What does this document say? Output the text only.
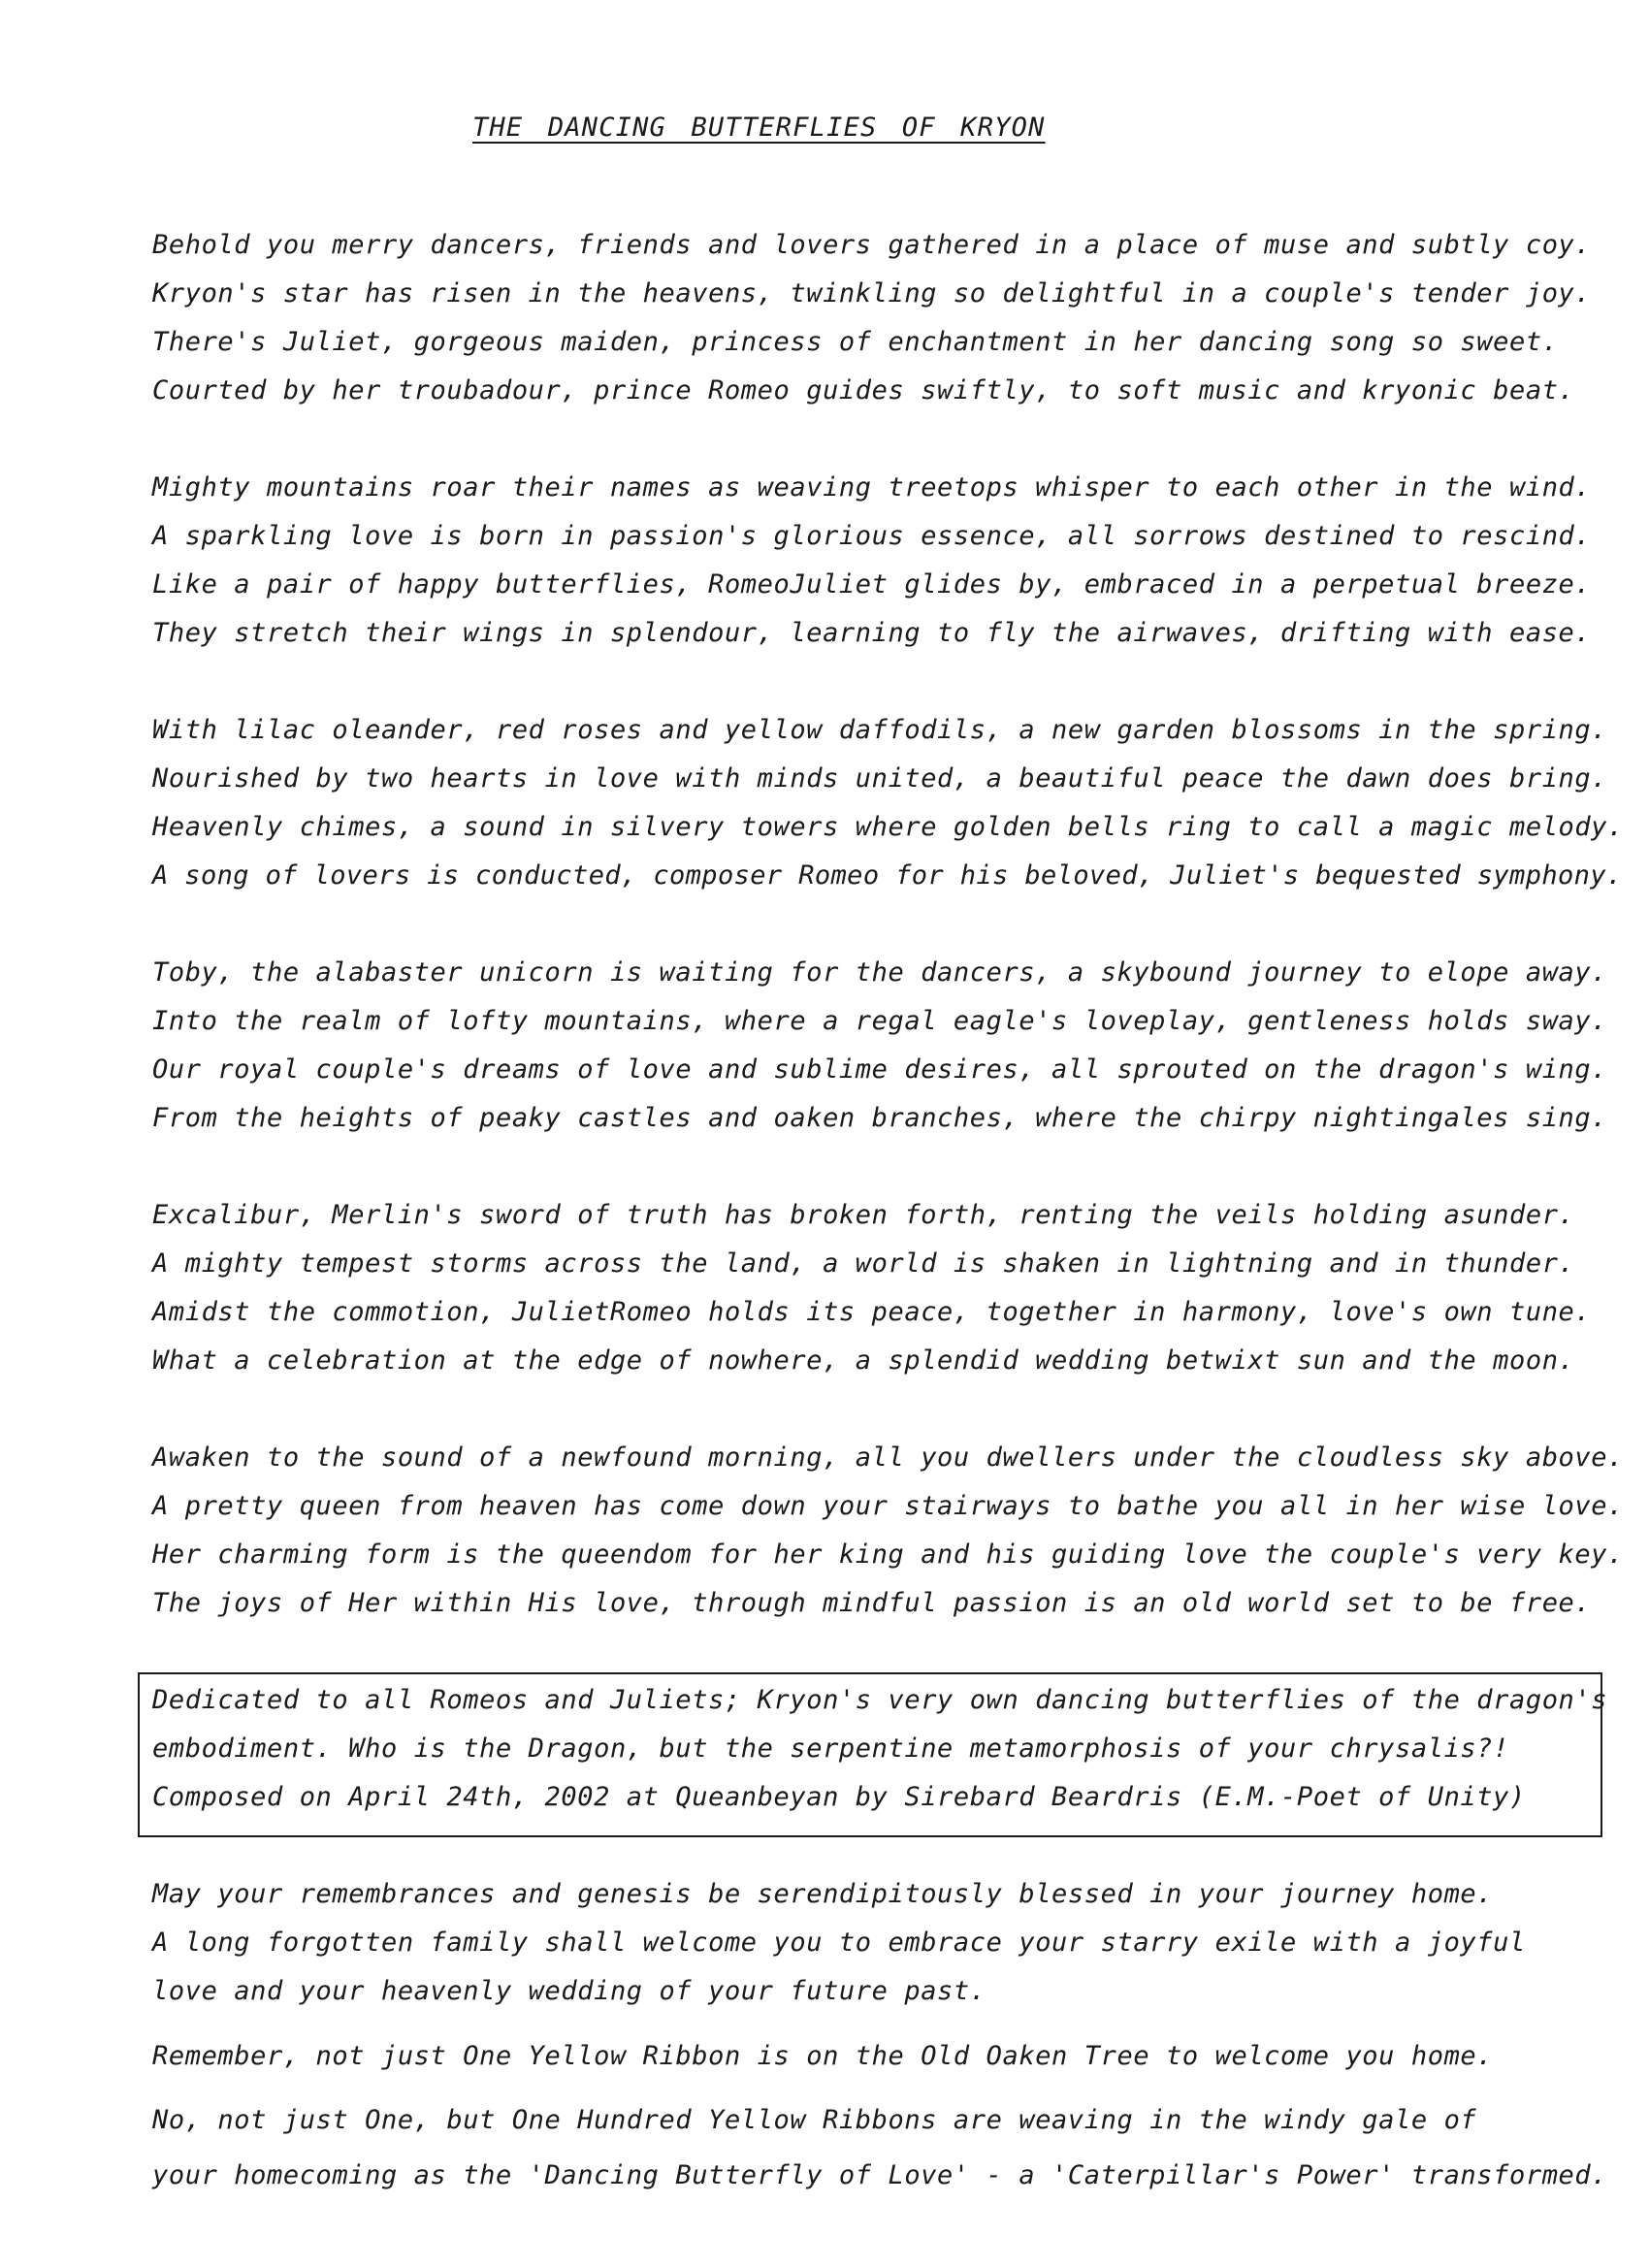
THE DANCING BUTTERFLIES OF KRYON
Behold you merry dancers, friends and lovers gathered in a place of muse and subtly coy.
Kryon's star has risen in the heavens, twinkling so delightful in a couple's tender joy.
There's Juliet, gorgeous maiden, princess of enchantment in her dancing song so sweet.
Courted by her troubadour, prince Romeo guides swiftly, to soft music and kryonic beat.
Mighty mountains roar their names as weaving treetops whisper to each other in the wind.
A sparkling love is born in passion's glorious essence, all sorrows destined to rescind.
Like a pair of happy butterflies, RomeoJuliet glides by, embraced in a perpetual breeze.
They stretch their wings in splendour, learning to fly the airwaves, drifting with ease.
With lilac oleander, red roses and yellow daffodils, a new garden blossoms in the spring.
Nourished by two hearts in love with minds united, a beautiful peace the dawn does bring.
Heavenly chimes, a sound in silvery towers where golden bells ring to call a magic melody.
A song of lovers is conducted, composer Romeo for his beloved, Juliet's bequested symphony.
Toby, the alabaster unicorn is waiting for the dancers, a skybound journey to elope away.
Into the realm of lofty mountains, where a regal eagle's loveplay, gentleness holds sway.
Our royal couple's dreams of love and sublime desires, all sprouted on the dragon's wing.
From the heights of peaky castles and oaken branches, where the chirpy nightingales sing.
Excalibur, Merlin's sword of truth has broken forth, renting the veils holding asunder.
A mighty tempest storms across the land, a world is shaken in lightning and in thunder.
Amidst the commotion, JulietRomeo holds its peace, together in harmony, love's own tune.
What a celebration at the edge of nowhere, a splendid wedding betwixt sun and the moon.
Awaken to the sound of a newfound morning, all you dwellers under the cloudless sky above.
A pretty queen from heaven has come down your stairways to bathe you all in her wise love.
Her charming form is the queendom for her king and his guiding love the couple's very key.
The joys of Her within His love, through mindful passion is an old world set to be free.
Dedicated to all Romeos and Juliets; Kryon's very own dancing butterflies of the dragon's
embodiment. Who is the Dragon, but the serpentine metamorphosis of your chrysalis?!
Composed on April 24th, 2002 at Queanbeyan by Sirebard Beardris (E.M.-Poet of Unity)
May your remembrances and genesis be serendipitously blessed in your journey home.
A long forgotten family shall welcome you to embrace your starry exile with a joyful
love and your heavenly wedding of your future past.
Remember, not just One Yellow Ribbon is on the Old Oaken Tree to welcome you home.
No, not just One, but One Hundred Yellow Ribbons are weaving in the windy gale of
your homecoming as the 'Dancing Butterfly of Love' - a 'Caterpillar's Power' transformed.
